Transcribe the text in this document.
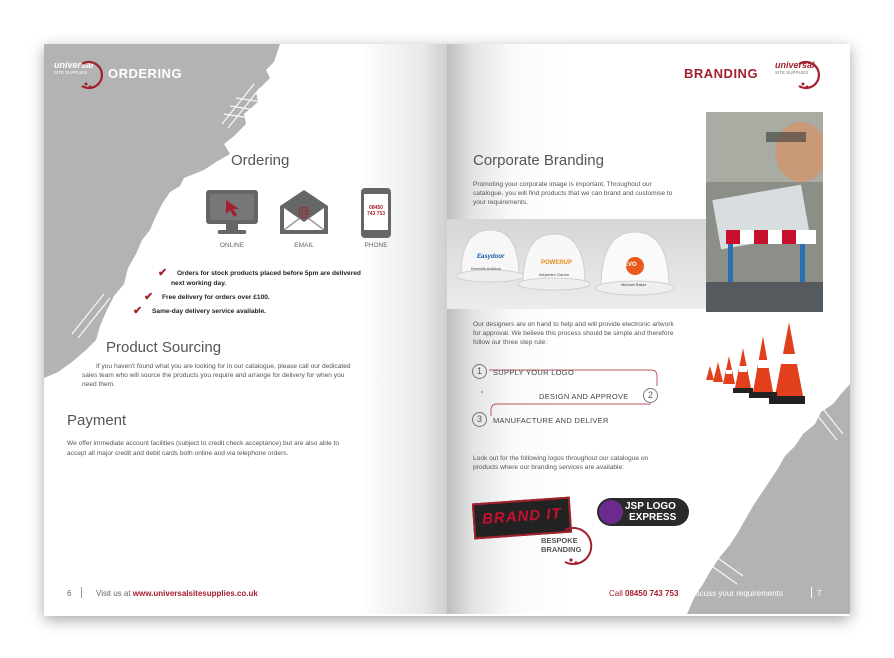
universal
SITE SUPPLIES	ORDERING
Ordering
ONLINE
@
EMAIL
08450
743 753
PHONE
✔ Orders for stock products placed before 5pm are delivered
next working day.
✔ Free delivery for orders over £100.
✔ Same-day delivery service available.
Product Sourcing
If you haven't found what you are looking for in our catalogue, please call our dedicated
sales team who will source the products you require and arrange for delivery for when you
need them.
Payment
We offer immediate account facilities (subject to credit check acceptance) but are also able to
accept all major credit and debit cards both online and via telephone orders.
6	Visit us at www.universalsitesupplies.co.uk
BRANDING
universal
SITE SUPPLIES
Corporate Branding
Promoting your corporate image is important. Throughout our
catalogue, you will find products that we can brand and customise to
your requirements.
Easydoor
Kenneth Addison
POWERUP
Alejandro Garcia
EVO
Michael Baker
Our designers are on hand to help and will provide electronic artwork
for approval. We believe this process should be simple and therefore
follow our three step rule:
1	SUPPLY YOUR LOGO
DESIGN AND APPROVE	2
3	MANUFACTURE AND DELIVER
Look out for the following logos throughout our catalogue on
products where our branding services are available:
BRAND IT	JSP LOGO
EXPRESS
BESPOKE
BRANDING
Call 08450 743 753 to discuss your requirements	7
